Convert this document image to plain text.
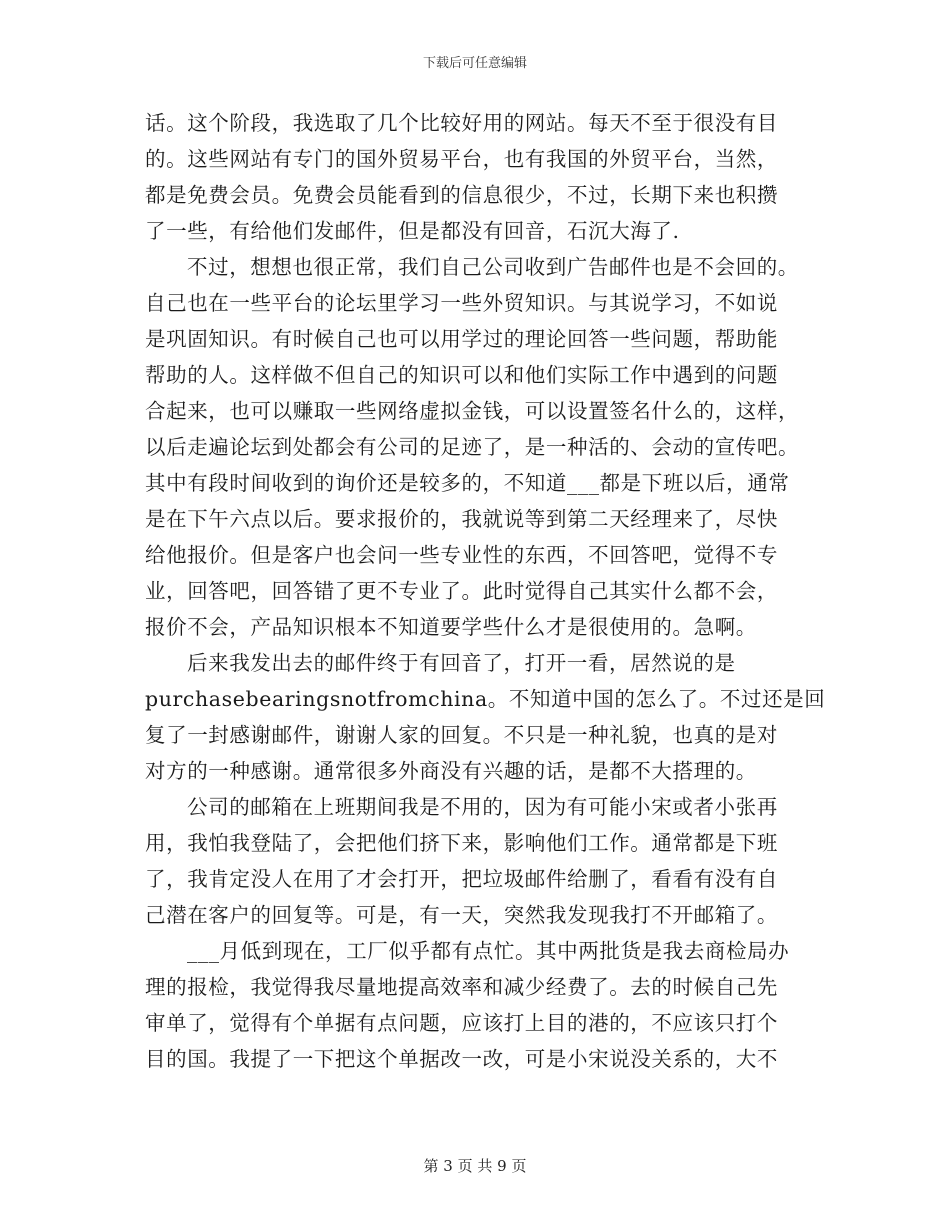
下载后可任意编辑
话。这个阶段，我选取了几个比较好用的网站。每天不至于很没有目
的。这些网站有专门的国外贸易平台，也有我国的外贸平台，当然，
都是免费会员。免费会员能看到的信息很少，不过，长期下来也积攒
了一些，有给他们发邮件，但是都没有回音，石沉大海了.
不过，想想也很正常，我们自己公司收到广告邮件也是不会回的。
自己也在一些平台的论坛里学习一些外贸知识。与其说学习，不如说
是巩固知识。有时候自己也可以用学过的理论回答一些问题，帮助能
帮助的人。这样做不但自己的知识可以和他们实际工作中遇到的问题
合起来，也可以赚取一些网络虚拟金钱，可以设置签名什么的，这样，
以后走遍论坛到处都会有公司的足迹了，是一种活的、会动的宣传吧。
其中有段时间收到的询价还是较多的，不知道___都是下班以后，通常
是在下午六点以后。要求报价的，我就说等到第二天经理来了，尽快
给他报价。但是客户也会问一些专业性的东西，不回答吧，觉得不专
业，回答吧，回答错了更不专业了。此时觉得自己其实什么都不会，
报价不会，产品知识根本不知道要学些什么才是很使用的。急啊。
后来我发出去的邮件终于有回音了，打开一看，居然说的是
purchasebearingsnotfromchina。不知道中国的怎么了。不过还是回
复了一封感谢邮件，谢谢人家的回复。不只是一种礼貌，也真的是对
对方的一种感谢。通常很多外商没有兴趣的话，是都不大搭理的。
公司的邮箱在上班期间我是不用的，因为有可能小宋或者小张再
用，我怕我登陆了，会把他们挤下来，影响他们工作。通常都是下班
了，我肯定没人在用了才会打开，把垃圾邮件给删了，看看有没有自
己潜在客户的回复等。可是，有一天，突然我发现我打不开邮箱了。
___月低到现在，工厂似乎都有点忙。其中两批货是我去商检局办
理的报检，我觉得我尽量地提高效率和减少经费了。去的时候自己先
审单了，觉得有个单据有点问题，应该打上目的港的，不应该只打个
目的国。我提了一下把这个单据改一改，可是小宋说没关系的，大不
第 3 页 共 9 页
